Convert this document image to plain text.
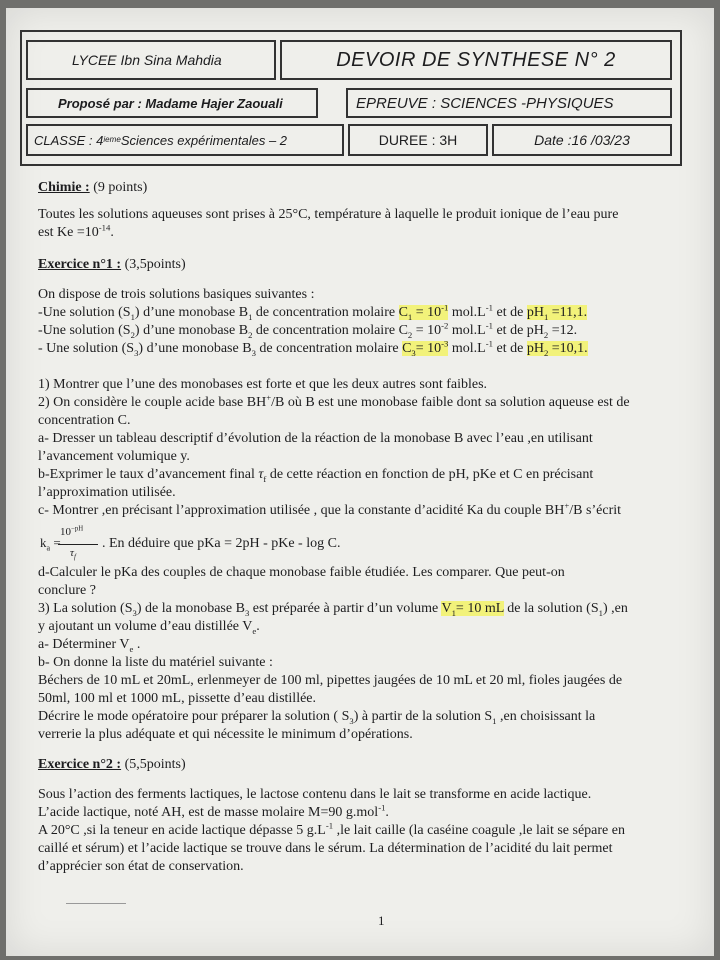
LYCEE Ibn Sina Mahdia	DEVOIR DE SYNTHESE N° 2
Proposé par : Madame Hajer Zaouali	EPREUVE : SCIENCES -PHYSIQUES
CLASSE : 4 ieme Sciences expérimentales – 2	DUREE : 3H	Date :16 /03/23
Chimie : (9 points)
Toutes les solutions aqueuses sont prises à 25°C, température à laquelle le produit ionique de l’eau pure
est $Ke =10^{-14}$.
Exercice n°1 : (3,5points)
On dispose de trois solutions basiques suivantes :
-Une solution $(S_1)$ d’une monobase $B_1$ de concentration molaire $C_1 = 10^{-1}$ $mol.L^{-1}$ et de $pH_1 =11,1$.
-Une solution $(S_2)$ d’une monobase $B_2$ de concentration molaire $C_2 = 10^{-2}$ $mol.L^{-1}$ et de $pH_2 =12$.
- Une solution $(S_3)$ d’une monobase $B_3$ de concentration molaire $C_3= 10^{-3}$ $mol.L^{-1}$ et de $pH_2 =10,1$.
1) Montrer que l’une des monobases est forte et que les deux autres sont faibles.
2) On considère le couple acide base BH+/B où B est une monobase faible dont sa solution aqueuse est de
concentration C.
a- Dresser un tableau descriptif d’évolution de la réaction de la monobase B avec l’eau ,en utilisant
l’avancement volumique y.
b-Exprimer le taux d’avancement final $\tau_f$ de cette réaction en fonction de pH, pKe et C en précisant
l’approximation utilisée.
c- Montrer ,en précisant l’approximation utilisée , que la constante d’acidité Ka du couple BH+/B s’écrit
$k_a$ =
$10^{-pH}$
$\tau_f$
. En déduire que pKa = 2pH - pKe - log C.
d-Calculer le pKa des couples de chaque monobase faible étudiée. Les comparer. Que peut-on
conclure ?
3) La solution $(S_3)$ de la monobase $B_3$ est préparée à partir d’un volume $V_1= 10$ mL de la solution $(S_1)$ ,en
y ajoutant un volume d’eau distillée $V_e$.
a- Déterminer $V_e$ .
b- On donne la liste du matériel suivante :
Béchers de 10 mL et 20mL, erlenmeyer de 100 ml, pipettes jaugées de 10 mL et 20 ml, fioles jaugées de
50ml, 100 ml et 1000 mL, pissette d’eau distillée.
Décrire le mode opératoire pour préparer la solution ( $S_3$) à partir de la solution $S_1$ ,en choisissant la
verrerie la plus adéquate et qui nécessite le minimum d’opérations.
Exercice n°2 : (5,5points)
Sous l’action des ferments lactiques, le lactose contenu dans le lait se transforme en acide lactique.
L’acide lactique, noté AH, est de masse molaire M=90 g.mol$^{-1}$.
A 20°C ,si la teneur en acide lactique dépasse 5 $g.L^{-1}$ ,le lait caille (la caséine coagule ,le lait se sépare en
caillé et sérum) et l’acide lactique se trouve dans le sérum. La détermination de l’acidité du lait permet
d’apprécier son état de conservation.
1
